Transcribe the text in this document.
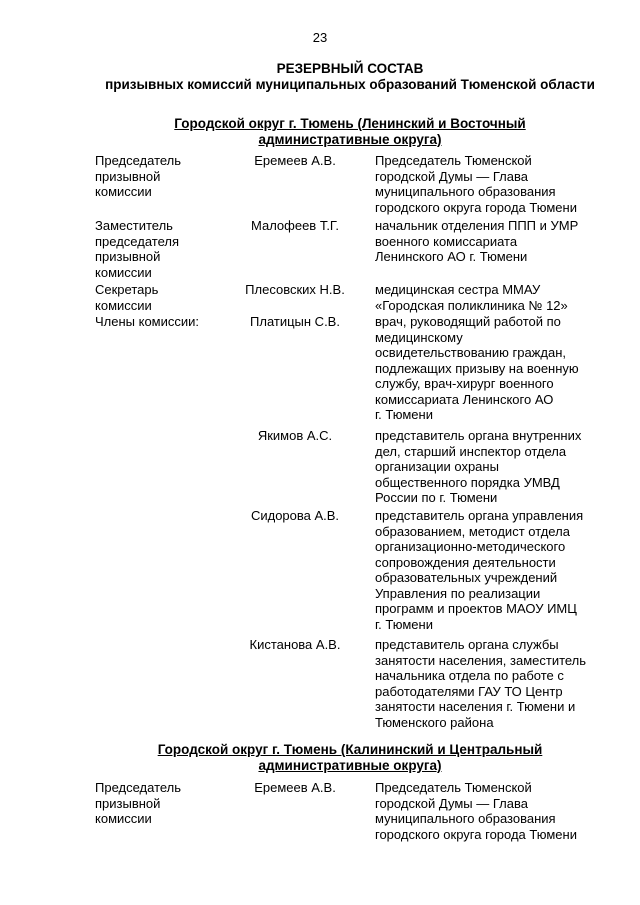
23
РЕЗЕРВНЫЙ СОСТАВ
призывных комиссий муниципальных образований Тюменской области
Городской округ г. Тюмень (Ленинский и Восточный
административные округа)
Председатель
призывной
комиссии
Еремеев А.В.	Председатель Тюменской
городской Думы — Глава
муниципального образования
городского округа города Тюмени
Заместитель
председателя
призывной
комиссии
Малофеев Т.Г.	начальник отделения ППП и УМР
военного комиссариата
Ленинского АО г. Тюмени
Секретарь
комиссии
Плесовских Н.В.	медицинская сестра ММАУ
«Городская поликлиника № 12»
Члены комиссии:	Платицын С.В.	врач, руководящий работой по
медицинскому
освидетельствованию граждан,
подлежащих призыву на военную
службу, врач-хирург военного
комиссариата Ленинского АО
г. Тюмени
Якимов А.С.	представитель органа внутренних
дел, старший инспектор отдела
организации охраны
общественного порядка УМВД
России по г. Тюмени
Сидорова А.В.	представитель органа управления
образованием, методист отдела
организационно-методического
сопровождения деятельности
образовательных учреждений
Управления по реализации
программ и проектов МАОУ ИМЦ
г. Тюмени
Кистанова А.В.	представитель органа службы
занятости населения, заместитель
начальника отдела по работе с
работодателями ГАУ ТО Центр
занятости населения г. Тюмени и
Тюменского района
Городской округ г. Тюмень (Калининский и Центральный
административные округа)
Председатель
призывной
комиссии
Еремеев А.В.	Председатель Тюменской
городской Думы — Глава
муниципального образования
городского округа города Тюмени
